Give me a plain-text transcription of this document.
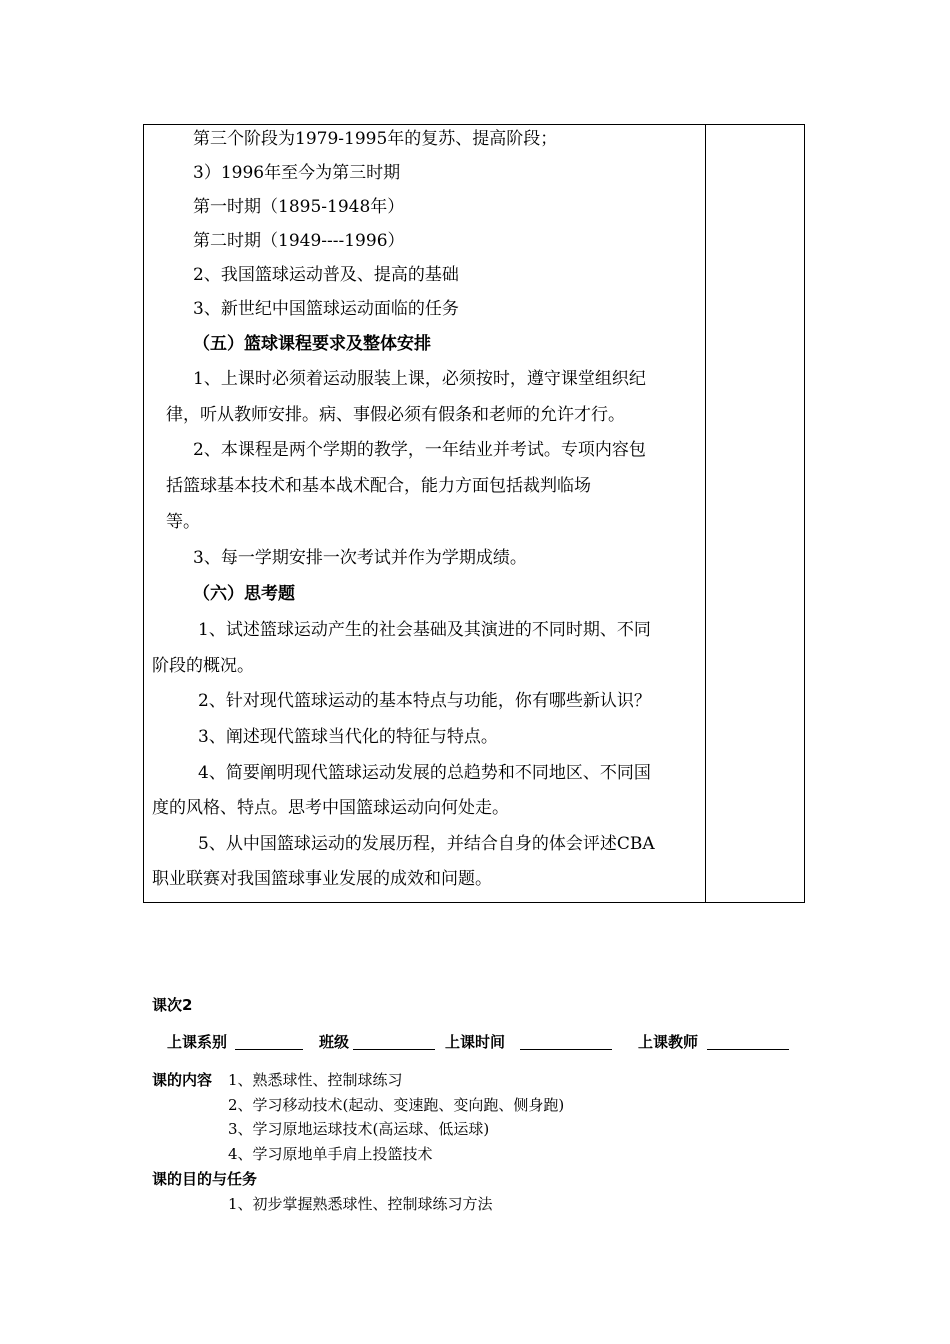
第三个阶段为1979-1995年的复苏、提高阶段；
3）1996年至今为第三时期
第一时期（1895-1948年）
第二时期（1949----1996）
2、我国篮球运动普及、提高的基础
3、新世纪中国篮球运动面临的任务
（五）篮球课程要求及整体安排
1、上课时必须着运动服装上课，必须按时，遵守课堂组织纪
律，听从教师安排。病、事假必须有假条和老师的允许才行。
2、本课程是两个学期的教学，一年结业并考试。专项内容包
括篮球基本技术和基本战术配合，能力方面包括裁判临场
等。
3、每一学期安排一次考试并作为学期成绩。
（六）思考题
1、试述篮球运动产生的社会基础及其演进的不同时期、不同
阶段的概况。
2、针对现代篮球运动的基本特点与功能，你有哪些新认识？
3、阐述现代篮球当代化的特征与特点。
4、简要阐明现代篮球运动发展的总趋势和不同地区、不同国
度的风格、特点。思考中国篮球运动向何处走。
5、从中国篮球运动的发展历程，并结合自身的体会评述CBA
职业联赛对我国篮球事业发展的成效和问题。
课次2
上课系别	班级	上课时间	上课教师
课的内容 1、熟悉球性、控制球练习
2、学习移动技术(起动、变速跑、变向跑、侧身跑)
3、学习原地运球技术(高运球、低运球)
4、学习原地单手肩上投篮技术
课的目的与任务
1、初步掌握熟悉球性、控制球练习方法
